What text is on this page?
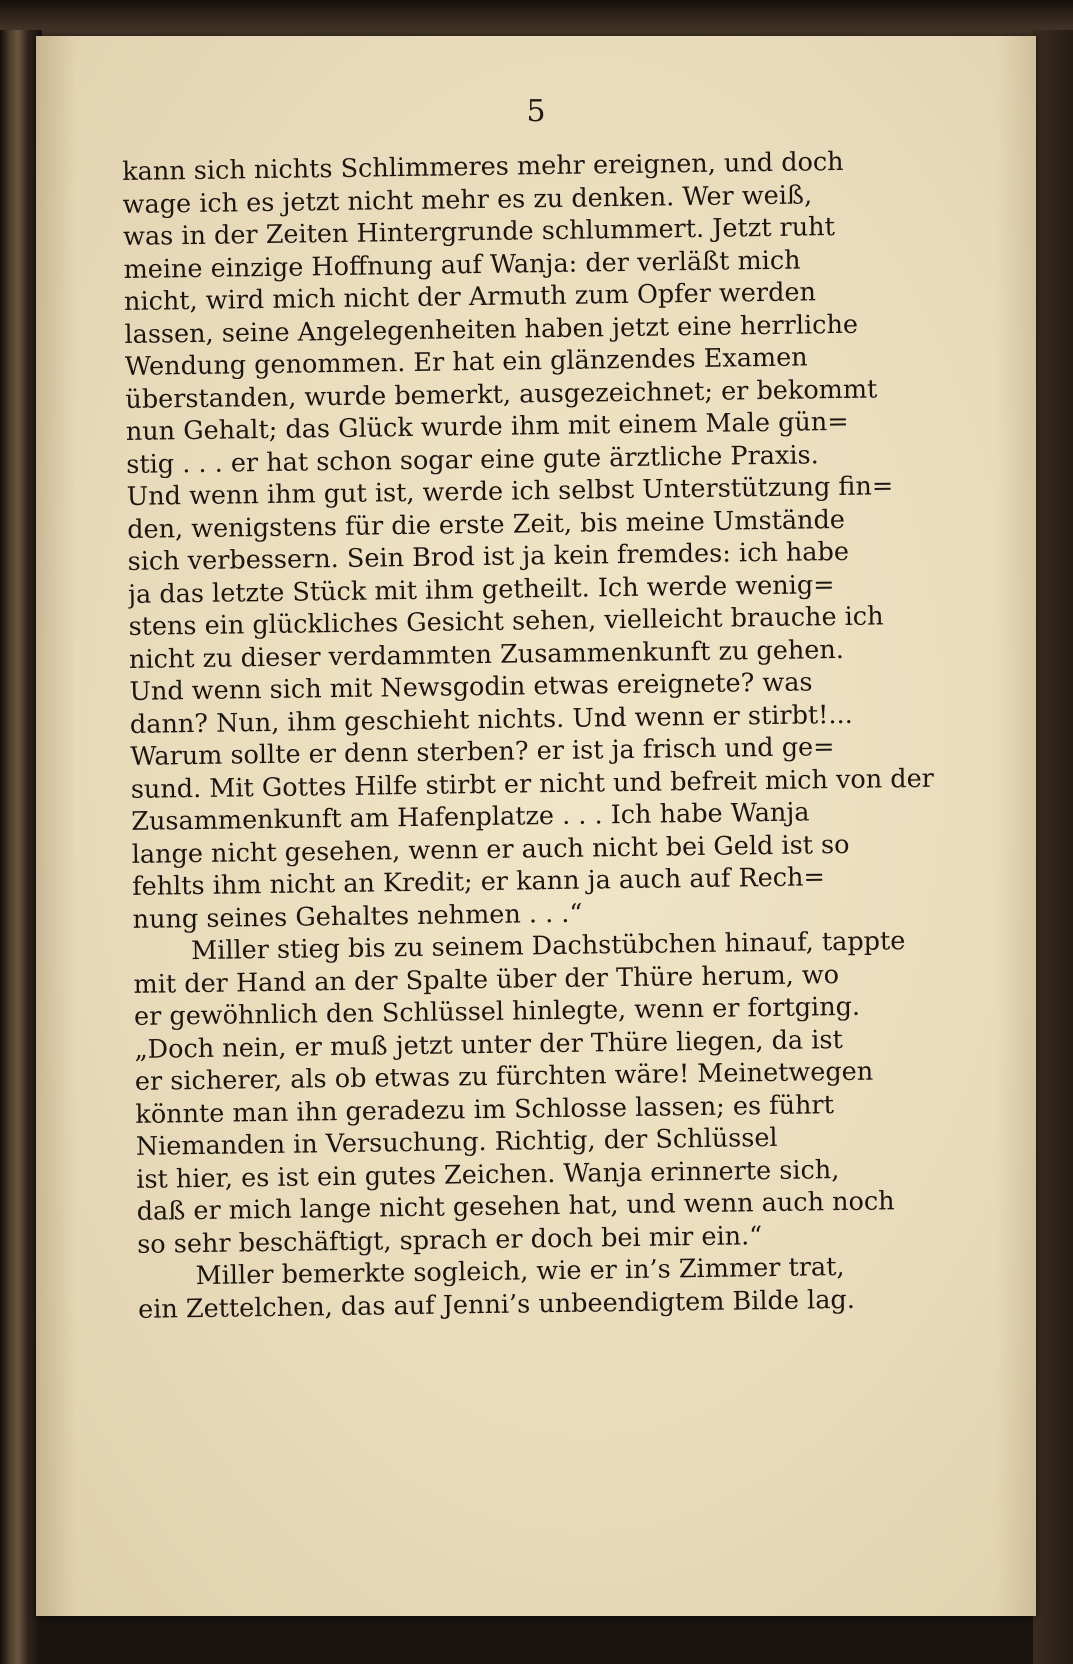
5
kann sich nichts Schlimmeres mehr ereignen, und doch
wage ich es jetzt nicht mehr es zu denken. Wer weiß,
was in der Zeiten Hintergrunde schlummert. Jetzt ruht
meine einzige Hoffnung auf Wanja: der verläßt mich
nicht, wird mich nicht der Armuth zum Opfer werden
lassen, seine Angelegenheiten haben jetzt eine herrliche
Wendung genommen. Er hat ein glänzendes Examen
überstanden, wurde bemerkt, ausgezeichnet; er bekommt
nun Gehalt; das Glück wurde ihm mit einem Male gün=
stig . . . er hat schon sogar eine gute ärztliche Praxis.
Und wenn ihm gut ist, werde ich selbst Unterstützung fin=
den, wenigstens für die erste Zeit, bis meine Umstände
sich verbessern. Sein Brod ist ja kein fremdes: ich habe
ja das letzte Stück mit ihm getheilt. Ich werde wenig=
stens ein glückliches Gesicht sehen, vielleicht brauche ich
nicht zu dieser verdammten Zusammenkunft zu gehen.
Und wenn sich mit Newsgodin etwas ereignete? was
dann? Nun, ihm geschieht nichts. Und wenn er stirbt!...
Warum sollte er denn sterben? er ist ja frisch und ge=
sund. Mit Gottes Hilfe stirbt er nicht und befreit mich von der
Zusammenkunft am Hafenplatze . . . Ich habe Wanja
lange nicht gesehen, wenn er auch nicht bei Geld ist so
fehlts ihm nicht an Kredit; er kann ja auch auf Rech=
nung seines Gehaltes nehmen . . .“
Miller stieg bis zu seinem Dachstübchen hinauf, tappte
mit der Hand an der Spalte über der Thüre herum, wo
er gewöhnlich den Schlüssel hinlegte, wenn er fortging.
„Doch nein, er muß jetzt unter der Thüre liegen, da ist
er sicherer, als ob etwas zu fürchten wäre! Meinetwegen
könnte man ihn geradezu im Schlosse lassen; es führt
Niemanden in Versuchung. Richtig, der Schlüssel
ist hier, es ist ein gutes Zeichen. Wanja erinnerte sich,
daß er mich lange nicht gesehen hat, und wenn auch noch
so sehr beschäftigt, sprach er doch bei mir ein.“
Miller bemerkte sogleich, wie er in’s Zimmer trat,
ein Zettelchen, das auf Jenni’s unbeendigtem Bilde lag.
